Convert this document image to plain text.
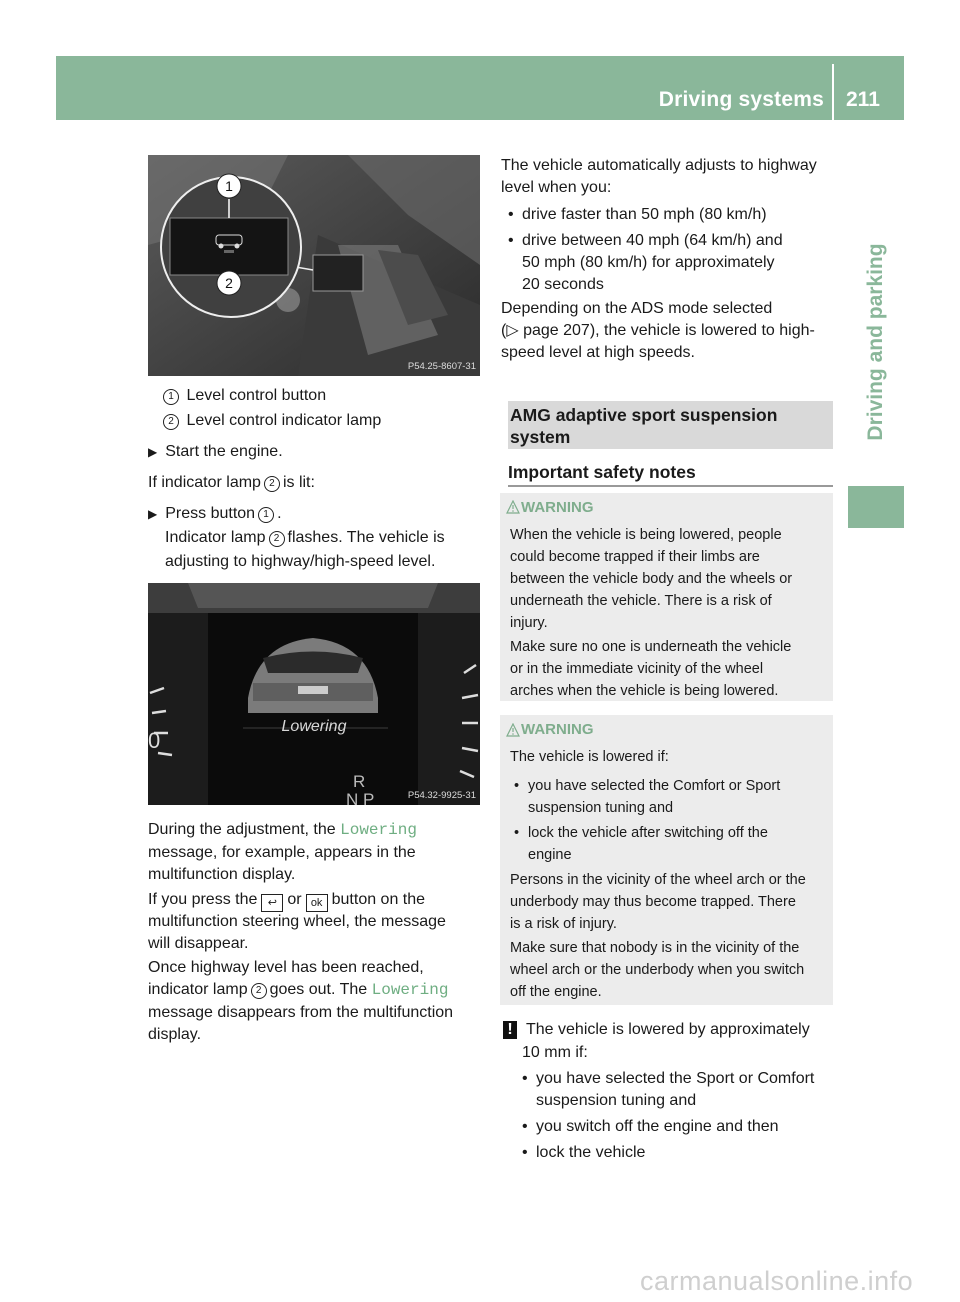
Driving systems 211
Driving and parking
1
2
P54.25-8607-31
1 Level control button
2 Level control indicator lamp
▶ Start the engine.
If indicator lamp 2 is lit:
▶ Press button 1 .
Indicator lamp 2 flashes. The vehicle is
adjusting to highway/high-speed level.
Lowering
R
N P
0
P54.32-9925-31
During the adjustment, the Lowering
message, for example, appears in the
multifunction display.
If you press the ↩ or ok button on the
multifunction steering wheel, the message
will disappear.
Once highway level has been reached,
indicator lamp 2 goes out. The Lowering
message disappears from the multifunction
display.
The vehicle automatically adjusts to highway
level when you:
• drive faster than 50 mph (80 km/h)
• drive between 40 mph (64 km/h) and
50 mph (80 km/h) for approximately
20 seconds
Depending on the ADS mode selected
(▷ page 207), the vehicle is lowered to high-
speed level at high speeds.
AMG adaptive sport suspension
system
Important safety notes
WARNING
When the vehicle is being lowered, people
could become trapped if their limbs are
between the vehicle body and the wheels or
underneath the vehicle. There is a risk of
injury.
Make sure no one is underneath the vehicle
or in the immediate vicinity of the wheel
arches when the vehicle is being lowered.
WARNING
The vehicle is lowered if:
• you have selected the Comfort or Sport
suspension tuning and
• lock the vehicle after switching off the
engine
Persons in the vicinity of the wheel arch or the
underbody may thus become trapped. There
is a risk of injury.
Make sure that nobody is in the vicinity of the
wheel arch or the underbody when you switch
off the engine.
! The vehicle is lowered by approximately
10 mm if:
• you have selected the Sport or Comfort
suspension tuning and
• you switch off the engine and then
• lock the vehicle
carmanualsonline.info
